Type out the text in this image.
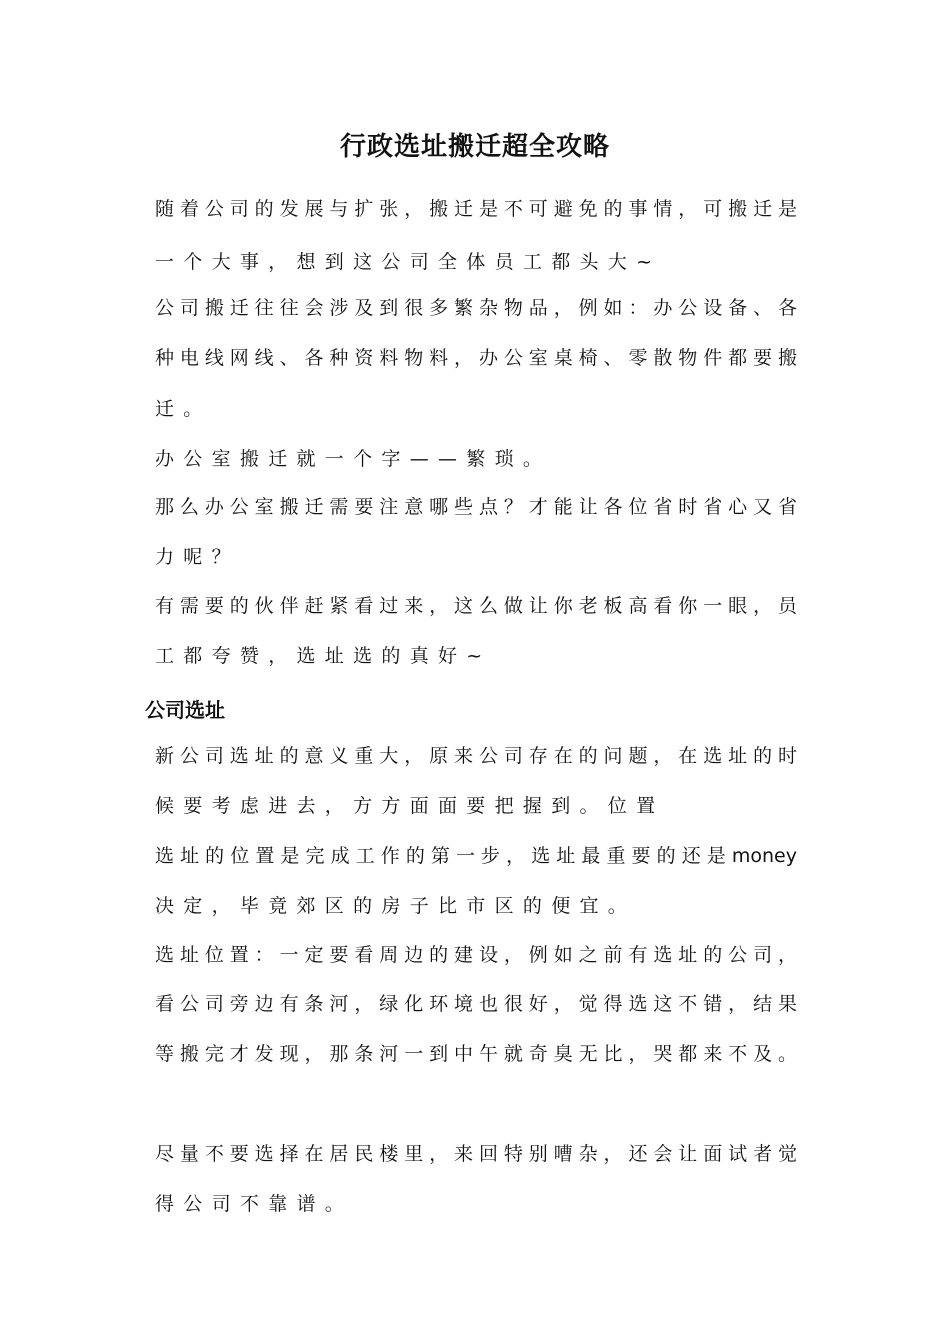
行政选址搬迁超全攻略
随着公司的发展与扩张，搬迁是不可避免的事情，可搬迁是
一个大事，想到这公司全体员工都头大~
公司搬迁往往会涉及到很多繁杂物品，例如：办公设备、各
种电线网线、各种资料物料，办公室桌椅、零散物件都要搬
迁。
办公室搬迁就一个字——繁琐。
那么办公室搬迁需要注意哪些点？才能让各位省时省心又省
力呢？
有需要的伙伴赶紧看过来，这么做让你老板高看你一眼，员
工都夸赞，选址选的真好~
公司选址
新公司选址的意义重大，原来公司存在的问题，在选址的时
候要考虑进去，方方面面要把握到。位置
选址的位置是完成工作的第一步，选址最重要的还是money
决定，毕竟郊区的房子比市区的便宜。
选址位置：一定要看周边的建设，例如之前有选址的公司，
看公司旁边有条河，绿化环境也很好，觉得选这不错，结果
等搬完才发现，那条河一到中午就奇臭无比，哭都来不及。
尽量不要选择在居民楼里，来回特别嘈杂，还会让面试者觉
得公司不靠谱。
